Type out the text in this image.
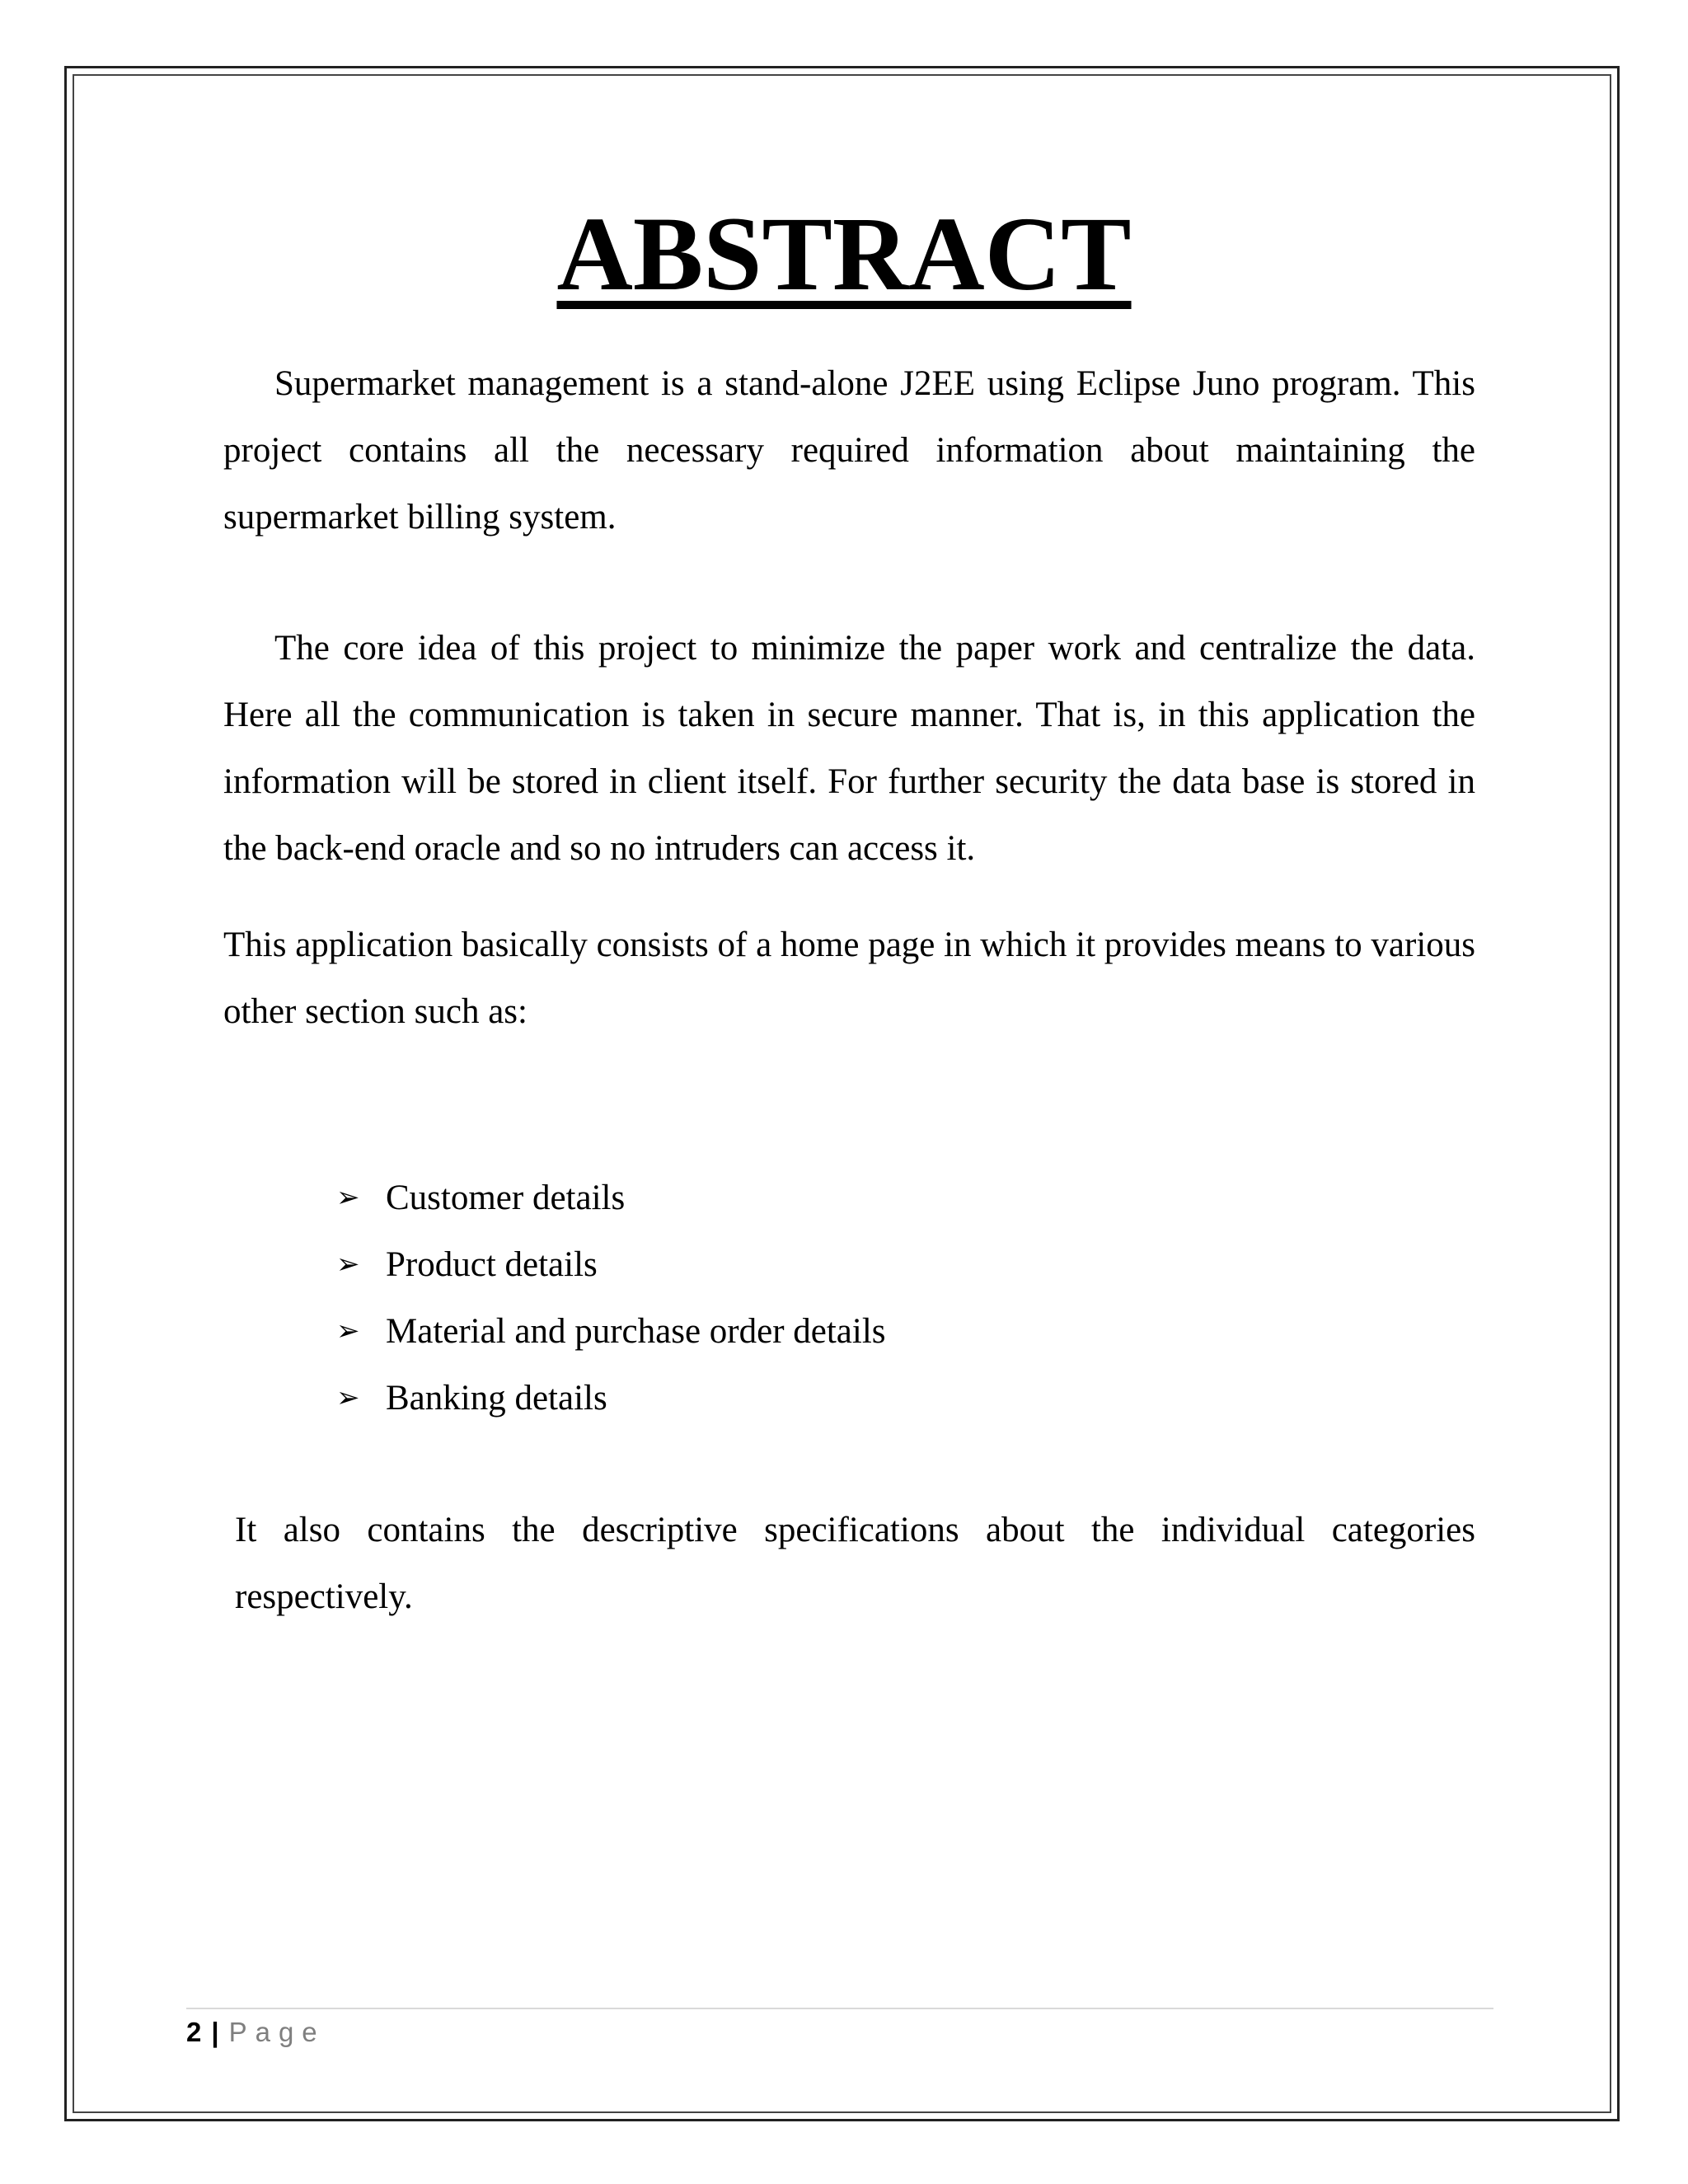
ABSTRACT

Supermarket management is a stand-alone J2EE using Eclipse Juno program. This project contains all the necessary required information about maintaining the supermarket billing system.

The core idea of this project to minimize the paper work and centralize the data. Here all the communication is taken in secure manner. That is, in this application the information will be stored in client itself. For further security the data base is stored in the back-end oracle and so no intruders can access it.

This application basically consists of a home page in which it provides means to various other section such as:

➢ Customer details
➢ Product details
➢ Material and purchase order details
➢ Banking details

It also contains the descriptive specifications about the individual categories respectively.

2 | Page
